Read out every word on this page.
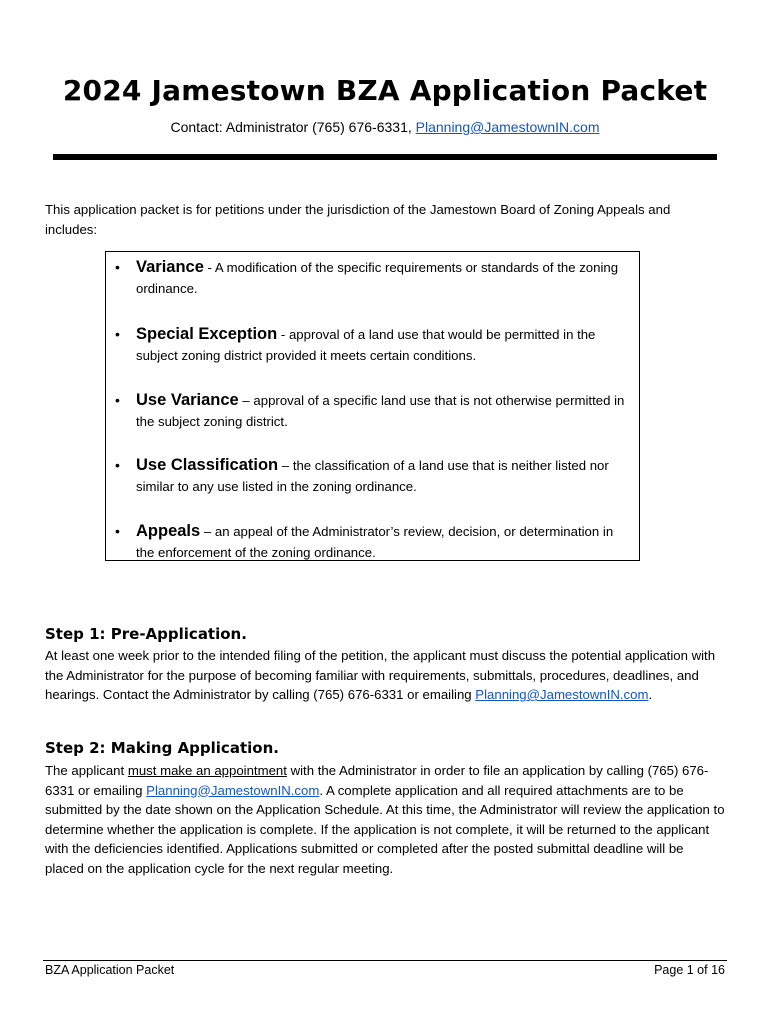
2024 Jamestown BZA Application Packet
Contact: Administrator (765) 676-6331, Planning@JamestownIN.com
This application packet is for petitions under the jurisdiction of the Jamestown Board of Zoning Appeals and includes:
• Variance - A modification of the specific requirements or standards of the zoning ordinance.
• Special Exception - approval of a land use that would be permitted in the subject zoning district provided it meets certain conditions.
• Use Variance – approval of a specific land use that is not otherwise permitted in the subject zoning district.
• Use Classification – the classification of a land use that is neither listed nor similar to any use listed in the zoning ordinance.
• Appeals – an appeal of the Administrator’s review, decision, or determination in the enforcement of the zoning ordinance.
Step 1: Pre-Application.
At least one week prior to the intended filing of the petition, the applicant must discuss the potential application with the Administrator for the purpose of becoming familiar with requirements, submittals, procedures, deadlines, and hearings. Contact the Administrator by calling (765) 676-6331 or emailing Planning@JamestownIN.com.
Step 2: Making Application.
The applicant must make an appointment with the Administrator in order to file an application by calling (765) 676-6331 or emailing Planning@JamestownIN.com. A complete application and all required attachments are to be submitted by the date shown on the Application Schedule. At this time, the Administrator will review the application to determine whether the application is complete. If the application is not complete, it will be returned to the applicant with the deficiencies identified. Applications submitted or completed after the posted submittal deadline will be placed on the application cycle for the next regular meeting.
BZA Application Packet	Page 1 of 16
